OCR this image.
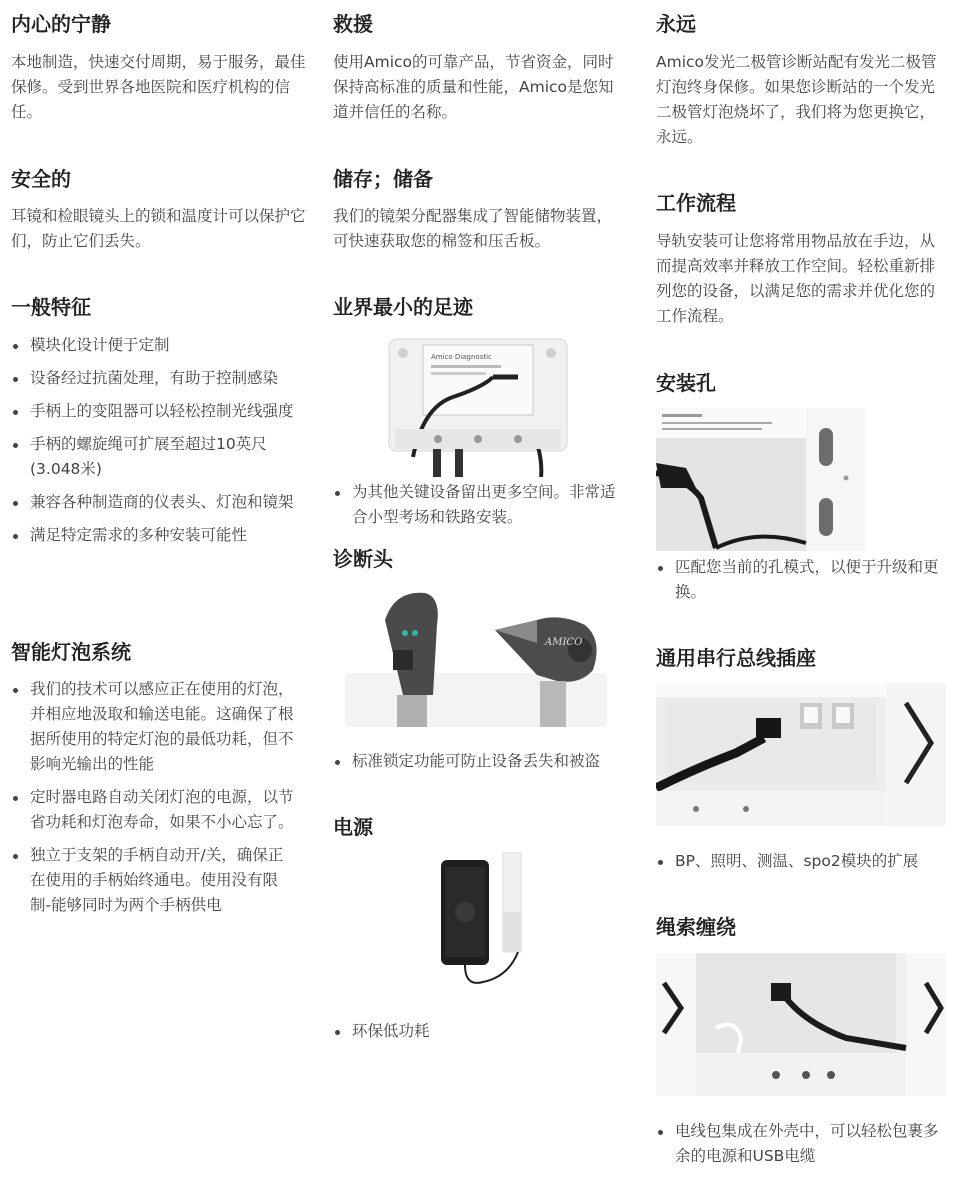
内心的宁静

本地制造，快速交付周期，易于服务，最佳保修。受到世界各地医院和医疗机构的信任。

安全的

耳镜和检眼镜头上的锁和温度计可以保护它们，防止它们丢失。

一般特征
模块化设计便于定制
设备经过抗菌处理，有助于控制感染
手柄上的变阻器可以轻松控制光线强度
手柄的螺旋绳可扩展至超过10英尺(3.048米)
兼容各种制造商的仪表头、灯泡和镜架
满足特定需求的多种安装可能性
智能灯泡系统
我们的技术可以感应正在使用的灯泡，并相应地汲取和输送电能。这确保了根据所使用的特定灯泡的最低功耗，但不影响光输出的性能
定时器电路自动关闭灯泡的电源，以节省功耗和灯泡寿命，如果不小心忘了。
独立于支架的手柄自动开/关，确保正在使用的手柄始终通电。使用没有限制-能够同时为两个手柄供电
救援

使用Amico的可靠产品，节省资金，同时保持高标准的质量和性能，Amico是您知道并信任的名称。

储存；储备

我们的镜架分配器集成了智能储物装置，可快速获取您的棉签和压舌板。

业界最小的足迹
Amico Diagnostic
为其他关键设备留出更多空间。非常适合小型考场和铁路安装。
诊断头
AMICO
标准锁定功能可防止设备丢失和被盗
电源
环保低功耗
永远

Amico发光二极管诊断站配有发光二极管

灯泡终身保修。如果您诊断站的一个发光

二极管灯泡烧坏了，我们将为您更换它，

永远。

工作流程

导轨安装可让您将常用物品放在手边，从

而提高效率并释放工作空间。轻松重新排

列您的设备，以满足您的需求并优化您的

工作流程。

安装孔
匹配您当前的孔模式，以便于升级和更换。
通用串行总线插座
BP、照明、测温、spo2模块的扩展
绳索缠绕
电线包集成在外壳中，可以轻松包裹多余的电源和USB电缆
